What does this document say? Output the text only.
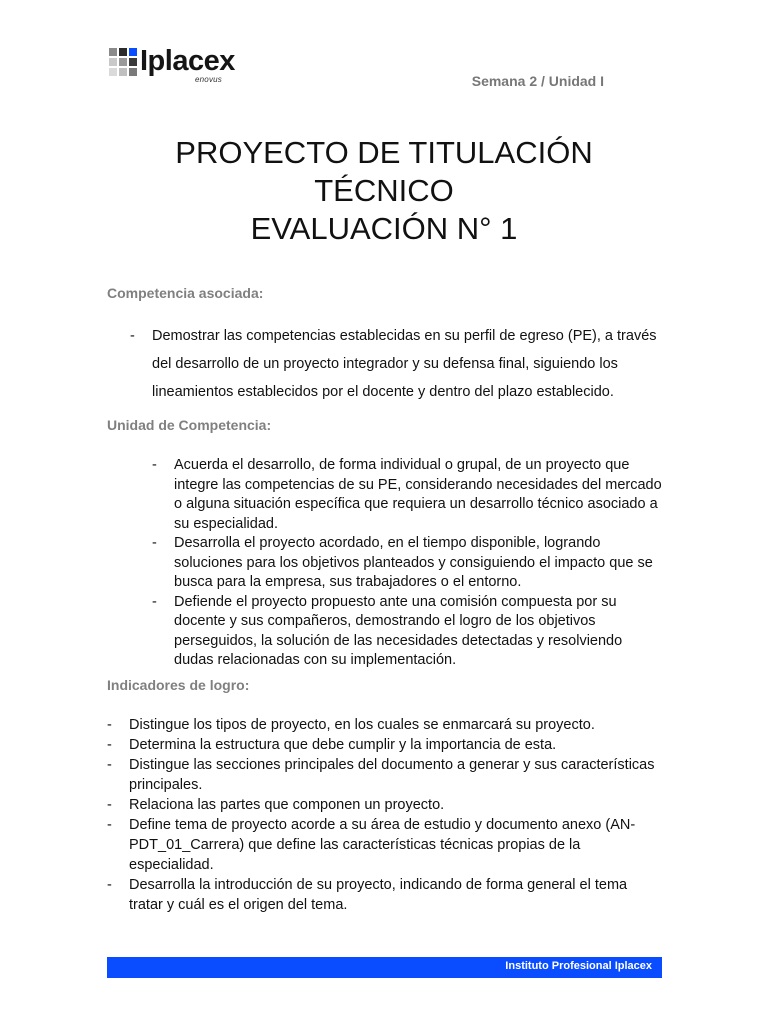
Iplacex
enovus	Semana 2 / Unidad I
PROYECTO DE TITULACIÓN
TÉCNICO
EVALUACIÓN N° 1
Competencia asociada:
-	Demostrar las competencias establecidas en su perfil de egreso (PE), a través del desarrollo de un proyecto integrador y su defensa final, siguiendo los lineamientos establecidos por el docente y dentro del plazo establecido.
Unidad de Competencia:
-	Acuerda el desarrollo, de forma individual o grupal, de un proyecto que integre las competencias de su PE, considerando necesidades del mercado o alguna situación específica que requiera un desarrollo técnico asociado a su especialidad.
-	Desarrolla el proyecto acordado, en el tiempo disponible, logrando soluciones para los objetivos planteados y consiguiendo el impacto que se busca para la empresa, sus trabajadores o el entorno.
-	Defiende el proyecto propuesto ante una comisión compuesta por su docente y sus compañeros, demostrando el logro de los objetivos perseguidos, la solución de las necesidades detectadas y resolviendo dudas relacionadas con su implementación.
Indicadores de logro:
-	Distingue los tipos de proyecto, en los cuales se enmarcará su proyecto.
-	Determina la estructura que debe cumplir y la importancia de esta.
-	Distingue las secciones principales del documento a generar y sus características principales.
-	Relaciona las partes que componen un proyecto.
-	Define tema de proyecto acorde a su área de estudio y documento anexo (AN-PDT_01_Carrera) que define las características técnicas propias de la especialidad.
-	Desarrolla la introducción de su proyecto, indicando de forma general el tema tratar y cuál es el origen del tema.
Instituto Profesional Iplacex
